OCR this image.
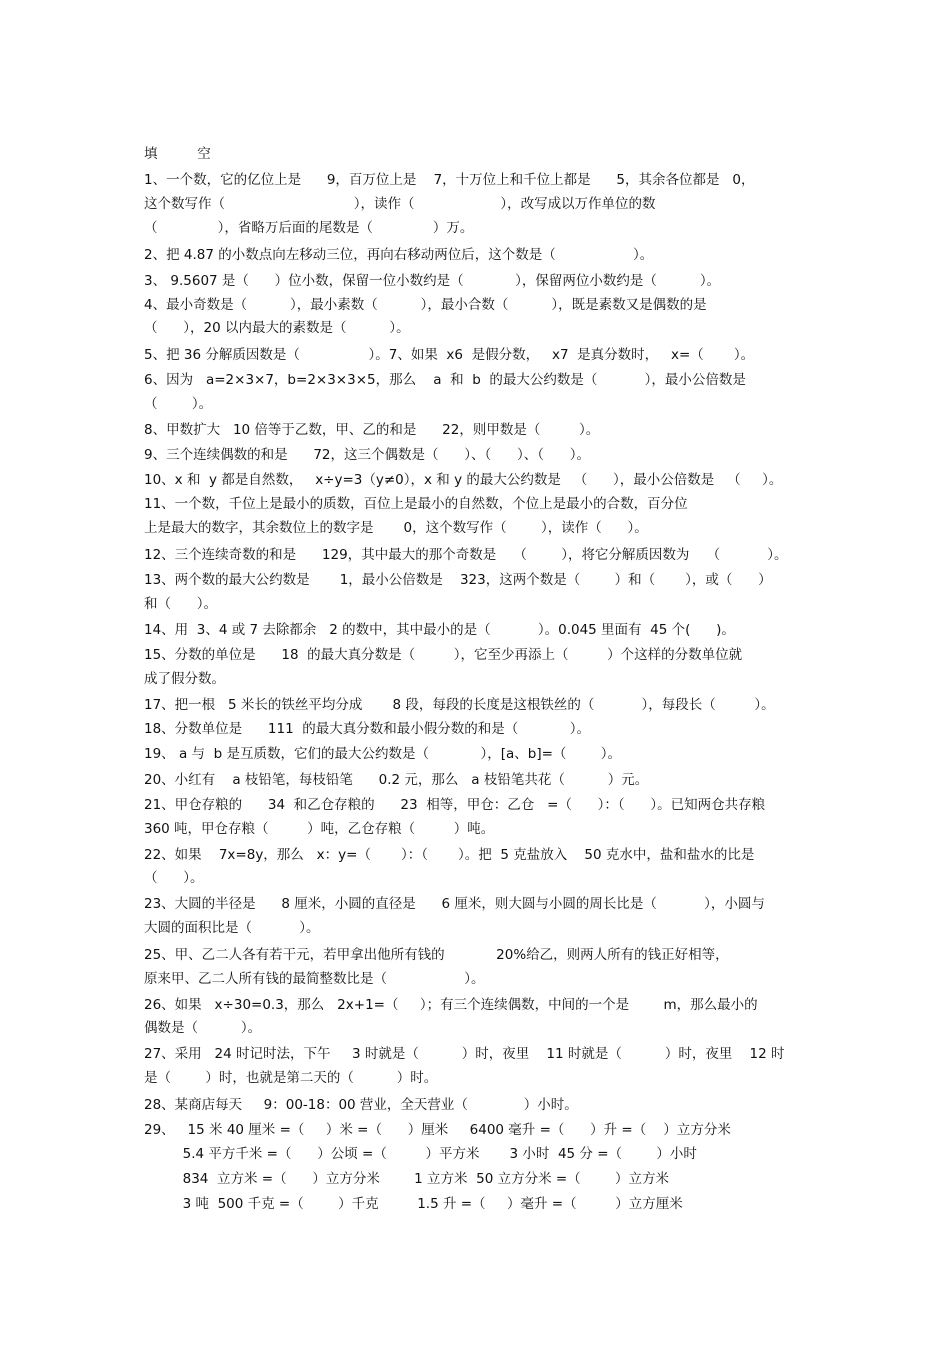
填      空
1、一个数，它的亿位上是      9，百万位上是    7，十万位上和千位上都是      5，其余各位都是   0，
这个数写作（                              ），读作（                    ），改写成以万作单位的数
（              ），省略万后面的尾数是（              ）万。
2、把 4.87 的小数点向左移动三位，再向右移动两位后，这个数是（                  ）。
3、 9.5607 是（      ）位小数，保留一位小数约是（            ），保留两位小数约是（          ）。
4、最小奇数是（          ），最小素数（          ），最小合数（          ），既是素数又是偶数的是
（      ），20 以内最大的素数是（          ）。
5、把 36 分解质因数是（                ）。7、如果  x6  是假分数，   x7  是真分数时，   x=（       ）。
6、因为   a=2×3×7，b=2×3×3×5，那么    a  和  b  的最大公约数是（           ），最小公倍数是
（        ）。
8、甲数扩大   10 倍等于乙数，甲、乙的和是      22，则甲数是（         ）。
9、三个连续偶数的和是      72，这三个偶数是（      ）、（      ）、（      ）。
10、x 和  y 都是自然数，   x÷y=3（y≠0），x 和 y 的最大公约数是   （      ），最小公倍数是   （     ）。
11、一个数，千位上是最小的质数，百位上是最小的自然数，个位上是最小的合数，百分位
上是最大的数字，其余数位上的数字是       0，这个数写作（        ），读作（      ）。
12、三个连续奇数的和是      129，其中最大的那个奇数是    （        ），将它分解质因数为    （           ）。
13、两个数的最大公约数是       1，最小公倍数是    323，这两个数是（        ）和（       ），或（      ）
和（      ）。
14、用  3、4 或 7 去除都余   2 的数中，其中最小的是（           ）。0.045 里面有  45 个(      )。
15、分数的单位是      18  的最大真分数是（         ），它至少再添上（         ）个这样的分数单位就
成了假分数。
17、把一根   5 米长的铁丝平均分成       8 段，每段的长度是这根铁丝的（           ），每段长（         ）。
18、分数单位是      111  的最大真分数和最小假分数的和是（            ）。
19、 a 与  b 是互质数，它们的最大公约数是（            ），[a、b]=（        ）。
20、小红有    a 枝铅笔，每枝铅笔      0.2 元，那么   a 枝铅笔共花（          ）元。
21、甲仓存粮的      34  和乙仓存粮的      23  相等，甲仓：乙仓   =（      ）：（      ）。已知两仓共存粮
360 吨，甲仓存粮（         ）吨，乙仓存粮（         ）吨。
22、如果    7x=8y，那么   x：y=（       ）：（       ）。把  5 克盐放入    50 克水中，盐和盐水的比是
（      ）。
23、大圆的半径是      8 厘米，小圆的直径是      6 厘米，则大圆与小圆的周长比是（           ），小圆与
大圆的面积比是（           ）。
25、甲、乙二人各有若干元，若甲拿出他所有钱的            20%给乙，则两人所有的钱正好相等，
原来甲、乙二人所有钱的最简整数比是（                  ）。
26、如果   x÷30=0.3，那么   2x+1=（     ）；有三个连续偶数，中间的一个是        m，那么最小的
偶数是（          ）。
27、采用   24 时记时法，下午     3 时就是（          ）时，夜里    11 时就是（          ）时，夜里    12 时
是（        ）时，也就是第二天的（          ）时。
28、某商店每天     9：00-18：00 营业，全天营业（             ）小时。
29、   15 米 40 厘米 =（     ）米 =（      ）厘米     6400 毫升 =（      ）升 =（    ）立方分米
5.4 平方千米 =（      ）公顷 =（         ）平方米       3 小时  45 分 =（        ）小时
834  立方米 =（      ）立方分米        1 立方米  50 立方分米 =（        ）立方米
3 吨  500 千克 =（        ）千克         1.5 升 =（     ）毫升 =（         ）立方厘米
